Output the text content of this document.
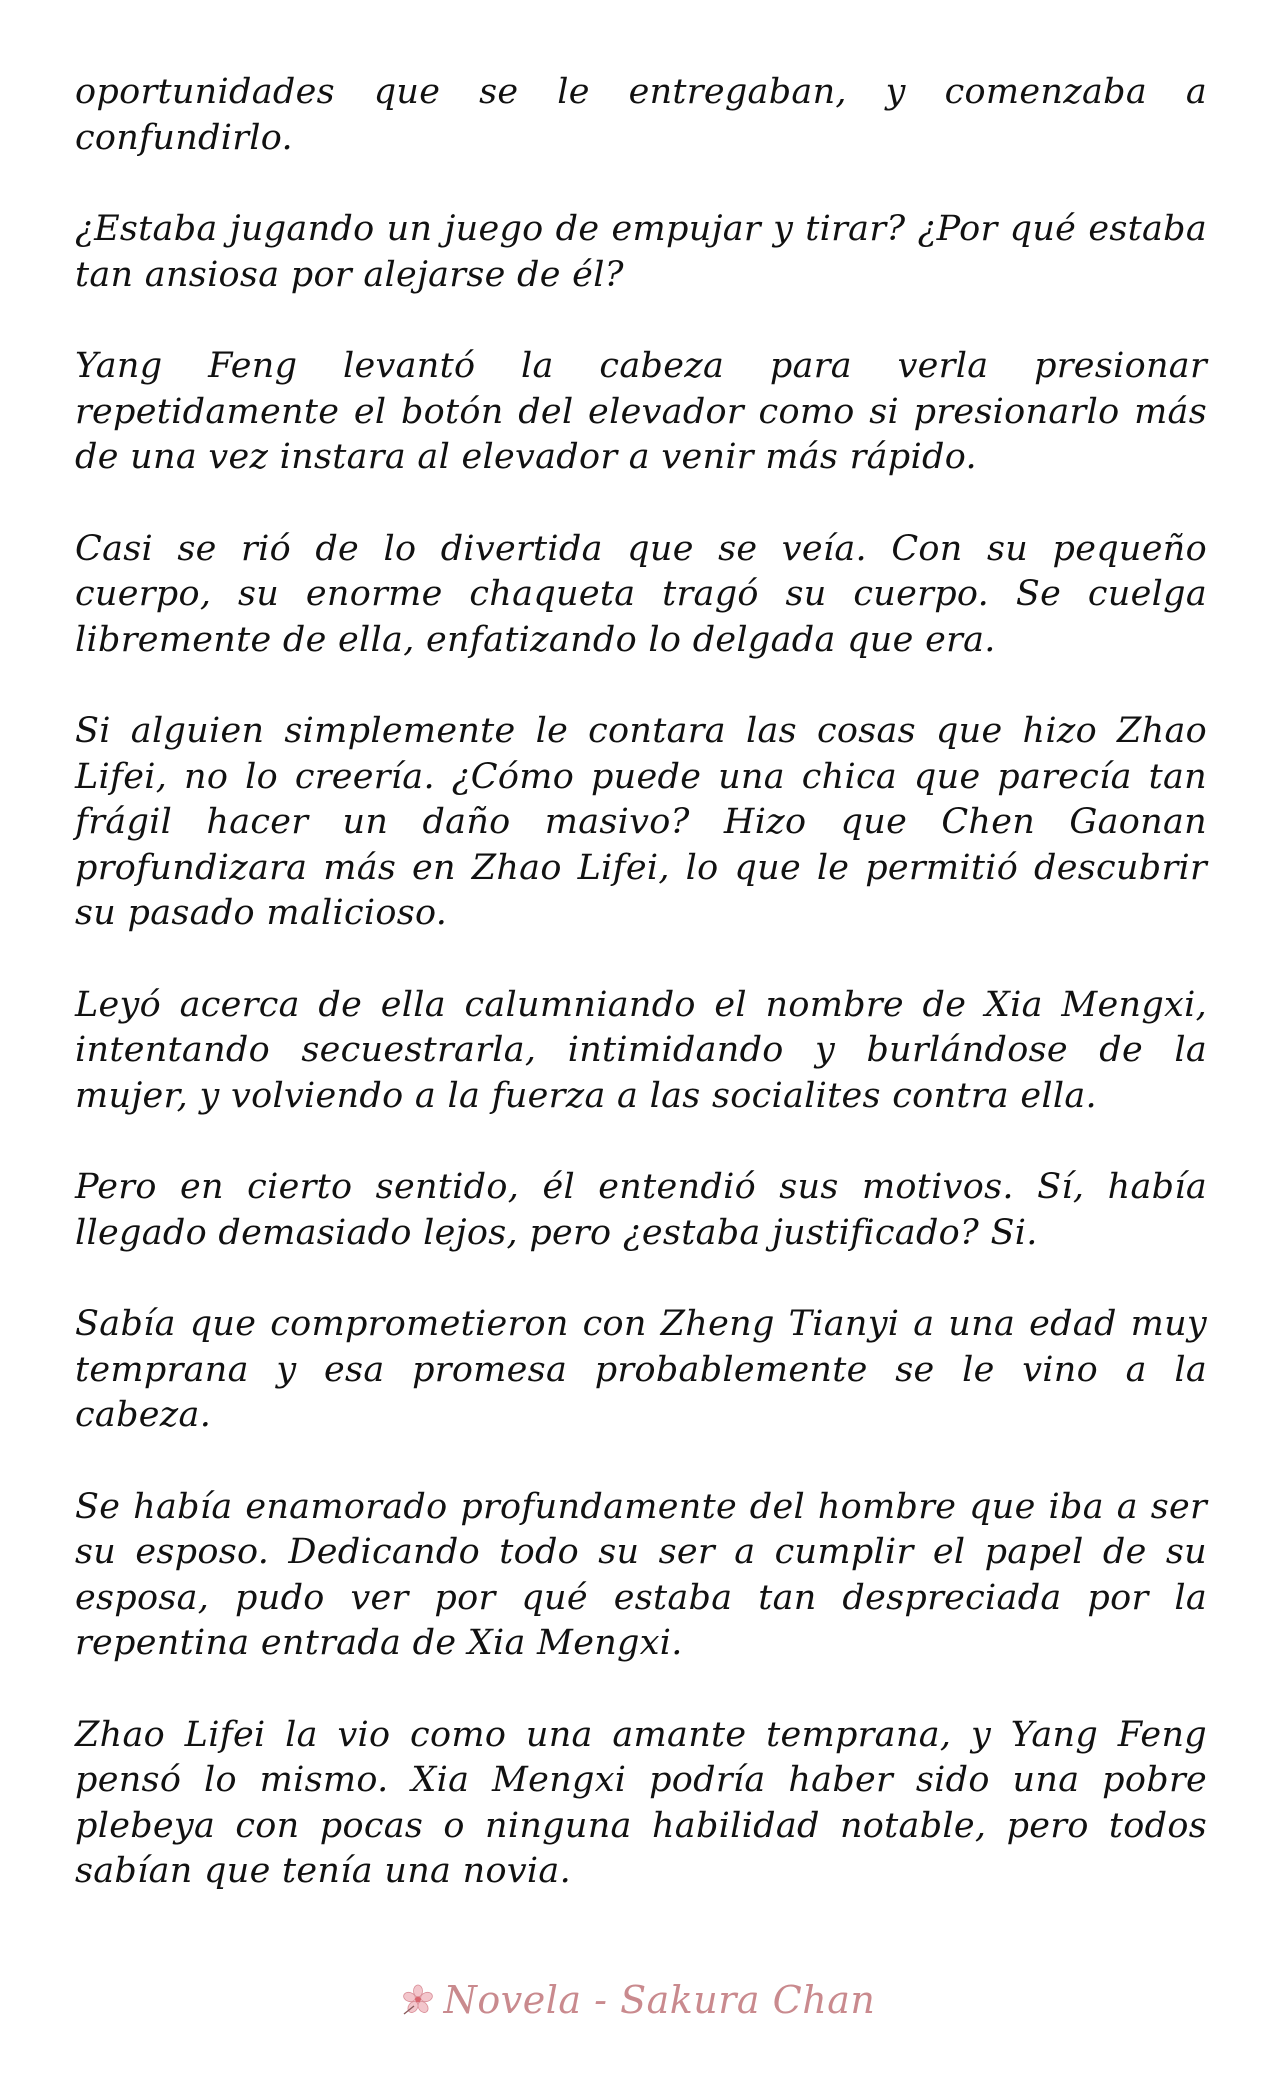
oportunidades que se le entregaban, y comenzaba a confundirlo.

¿Estaba jugando un juego de empujar y tirar? ¿Por qué estaba tan ansiosa por alejarse de él?

Yang Feng levantó la cabeza para verla presionar repetidamente el botón del elevador como si presionarlo más de una vez instara al elevador a venir más rápido.

Casi se rió de lo divertida que se veía. Con su pequeño cuerpo, su enorme chaqueta tragó su cuerpo. Se cuelga libremente de ella, enfatizando lo delgada que era.

Si alguien simplemente le contara las cosas que hizo Zhao Lifei, no lo creería. ¿Cómo puede una chica que parecía tan frágil hacer un daño masivo? Hizo que Chen Gaonan profundizara más en Zhao Lifei, lo que le permitió descubrir su pasado malicioso.

Leyó acerca de ella calumniando el nombre de Xia Mengxi, intentando secuestrarla, intimidando y burlándose de la mujer, y volviendo a la fuerza a las socialites contra ella.

Pero en cierto sentido, él entendió sus motivos. Sí, había llegado demasiado lejos, pero ¿estaba justificado? Si.

Sabía que comprometieron con Zheng Tianyi a una edad muy temprana y esa promesa probablemente se le vino a la cabeza.

Se había enamorado profundamente del hombre que iba a ser su esposo. Dedicando todo su ser a cumplir el papel de su esposa, pudo ver por qué estaba tan despreciada por la repentina entrada de Xia Mengxi.

Zhao Lifei la vio como una amante temprana, y Yang Feng pensó lo mismo. Xia Mengxi podría haber sido una pobre plebeya con pocas o ninguna habilidad notable, pero todos sabían que tenía una novia.

Novela - Sakura Chan
